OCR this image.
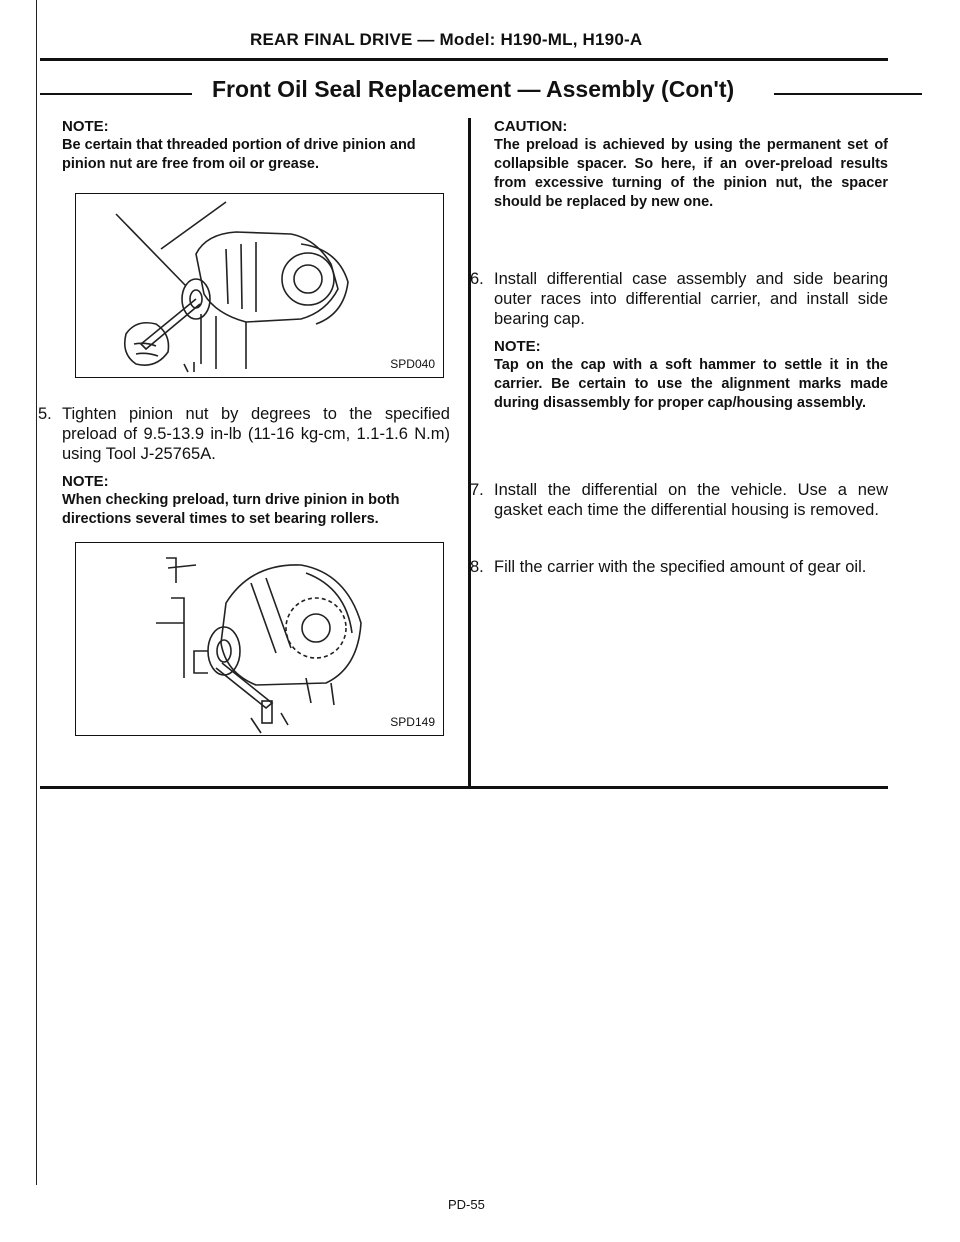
REAR FINAL DRIVE — Model: H190-ML, H190-A
Front Oil Seal Replacement — Assembly (Con't)

NOTE:

Be certain that threaded portion of drive pinion and pinion nut are free from oil or grease.

SPD040

5. Tighten pinion nut by degrees to the specified preload of 9.5-13.9 in-lb (11-16 kg-cm, 1.1-1.6 N.m) using Tool J-25765A.

NOTE:

When checking preload, turn drive pinion in both directions several times to set bearing rollers.

SPD149

CAUTION:

The preload is achieved by using the permanent set of collapsible spacer. So here, if an over-preload results from excessive turning of the pinion nut, the spacer should be replaced by new one.

6. Install differential case assembly and side bearing outer races into differential carrier, and install side bearing cap.

NOTE:

Tap on the cap with a soft hammer to settle it in the carrier. Be certain to use the alignment marks made during disassembly for proper cap/housing assembly.

7. Install the differential on the vehicle. Use a new gasket each time the differential housing is removed.

8. Fill the carrier with the specified amount of gear oil.

PD-55
